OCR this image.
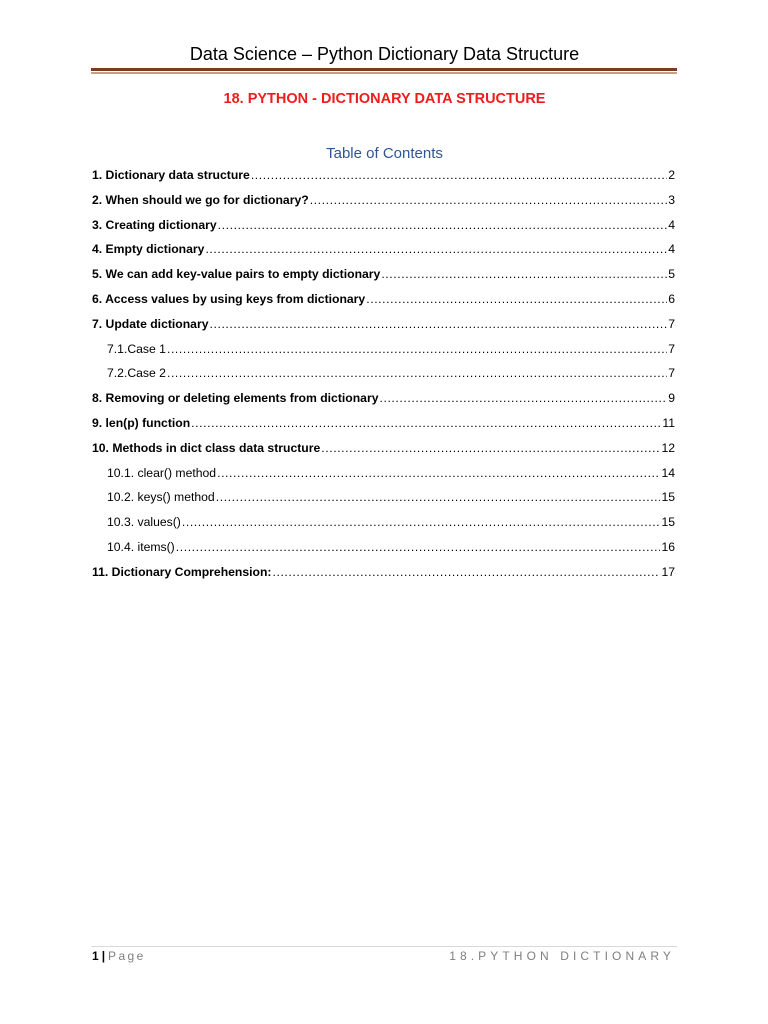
Data Science – Python Dictionary Data Structure
18. PYTHON - DICTIONARY DATA STRUCTURE
Table of Contents
1. Dictionary data structure .....	2
2. When should we go for dictionary? .....	3
3. Creating dictionary .....	4
4. Empty dictionary .....	4
5. We can add key-value pairs to empty dictionary .....	5
6. Access values by using keys from dictionary .....	6
7. Update dictionary .....	7
7.1.Case 1 .....	7
7.2.Case 2 .....	7
8. Removing or deleting elements from dictionary .....	9
9. len(p) function .....	11
10. Methods in dict class data structure .....	12
10.1. clear() method .....	14
10.2. keys() method .....	15
10.3. values() .....	15
10.4. items() .....	16
11. Dictionary Comprehension: .....	17
1 | Page	18.PYTHON DICTIONARY
